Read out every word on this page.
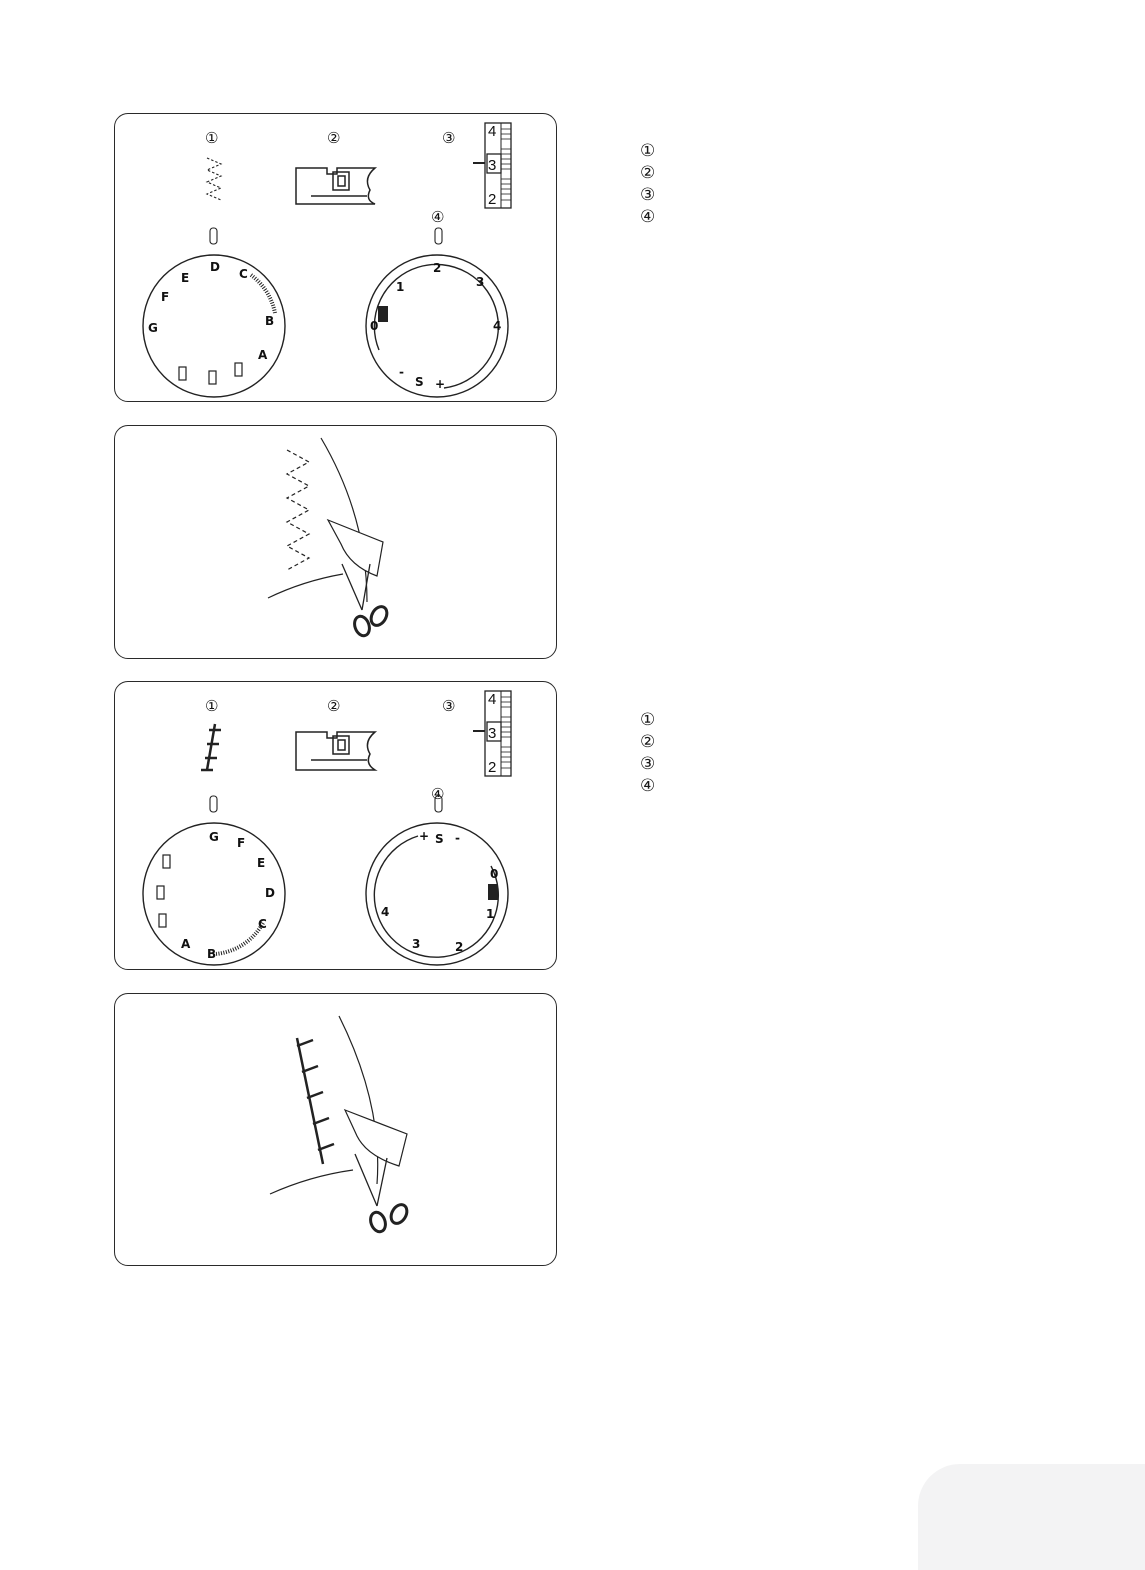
①	②	③
④
4
3
2
D C
B
A
G
F
E
2
3
4
1
0
S
-
+
①
②
③
④
①	②	③
④
4
3
2
G F
E
D
C
B
A
S
+ -
0
1
2
3
4
①
②
③
④
